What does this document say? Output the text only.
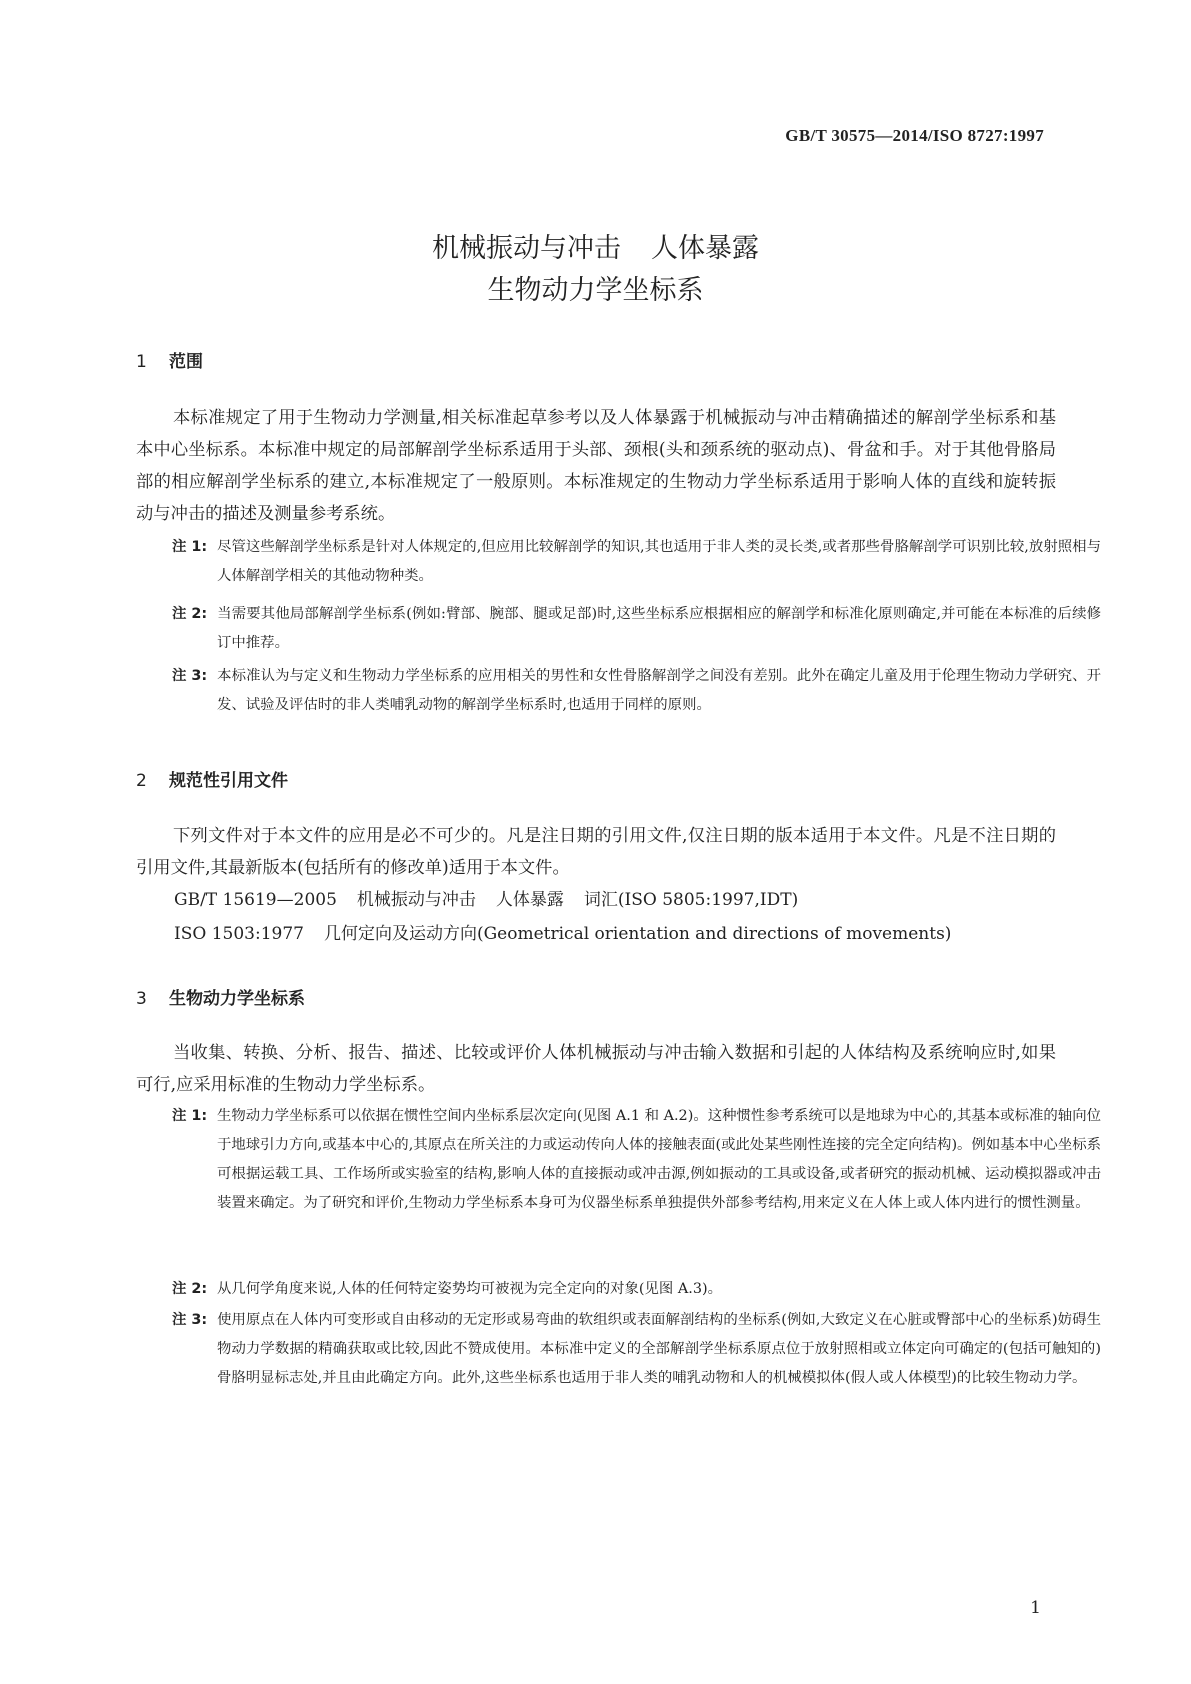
GB/T 30575—2014/ISO 8727:1997
机械振动与冲击 人体暴露
生物动力学坐标系
1 范围

本标准规定了用于生物动力学测量,相关标准起草参考以及人体暴露于机械振动与冲击精确描述的解剖学坐标系和基本中心坐标系。本标准中规定的局部解剖学坐标系适用于头部、颈根(头和颈系统的驱动点)、骨盆和手。对于其他骨胳局部的相应解剖学坐标系的建立,本标准规定了一般原则。本标准规定的生物动力学坐标系适用于影响人体的直线和旋转振动与冲击的描述及测量参考系统。

注 1: 尽管这些解剖学坐标系是针对人体规定的,但应用比较解剖学的知识,其也适用于非人类的灵长类,或者那些骨胳解剖学可识别比较,放射照相与人体解剖学相关的其他动物种类。

注 2: 当需要其他局部解剖学坐标系(例如:臂部、腕部、腿或足部)时,这些坐标系应根据相应的解剖学和标准化原则确定,并可能在本标准的后续修订中推荐。

注 3: 本标准认为与定义和生物动力学坐标系的应用相关的男性和女性骨胳解剖学之间没有差别。此外在确定儿童及用于伦理生物动力学研究、开发、试验及评估时的非人类哺乳动物的解剖学坐标系时,也适用于同样的原则。

2 规范性引用文件

下列文件对于本文件的应用是必不可少的。凡是注日期的引用文件,仅注日期的版本适用于本文件。凡是不注日期的引用文件,其最新版本(包括所有的修改单)适用于本文件。

GB/T 15619—2005 机械振动与冲击 人体暴露 词汇(ISO 5805:1997,IDT)
ISO 1503:1977 几何定向及运动方向(Geometrical orientation and directions of movements)
3 生物动力学坐标系

当收集、转换、分析、报告、描述、比较或评价人体机械振动与冲击输入数据和引起的人体结构及系统响应时,如果可行,应采用标准的生物动力学坐标系。

注 1: 生物动力学坐标系可以依据在惯性空间内坐标系层次定向(见图 A.1 和 A.2)。这种惯性参考系统可以是地球为中心的,其基本或标准的轴向位于地球引力方向,或基本中心的,其原点在所关注的力或运动传向人体的接触表面(或此处某些刚性连接的完全定向结构)。例如基本中心坐标系可根据运载工具、工作场所或实验室的结构,影响人体的直接振动或冲击源,例如振动的工具或设备,或者研究的振动机械、运动模拟器或冲击装置来确定。为了研究和评价,生物动力学坐标系本身可为仪器坐标系单独提供外部参考结构,用来定义在人体上或人体内进行的惯性测量。

注 2: 从几何学角度来说,人体的任何特定姿势均可被视为完全定向的对象(见图 A.3)。

注 3: 使用原点在人体内可变形或自由移动的无定形或易弯曲的软组织或表面解剖结构的坐标系(例如,大致定义在心脏或臀部中心的坐标系)妨碍生物动力学数据的精确获取或比较,因此不赞成使用。本标准中定义的全部解剖学坐标系原点位于放射照相或立体定向可确定的(包括可触知的)骨胳明显标志处,并且由此确定方向。此外,这些坐标系也适用于非人类的哺乳动物和人的机械模拟体(假人或人体模型)的比较生物动力学。

1
